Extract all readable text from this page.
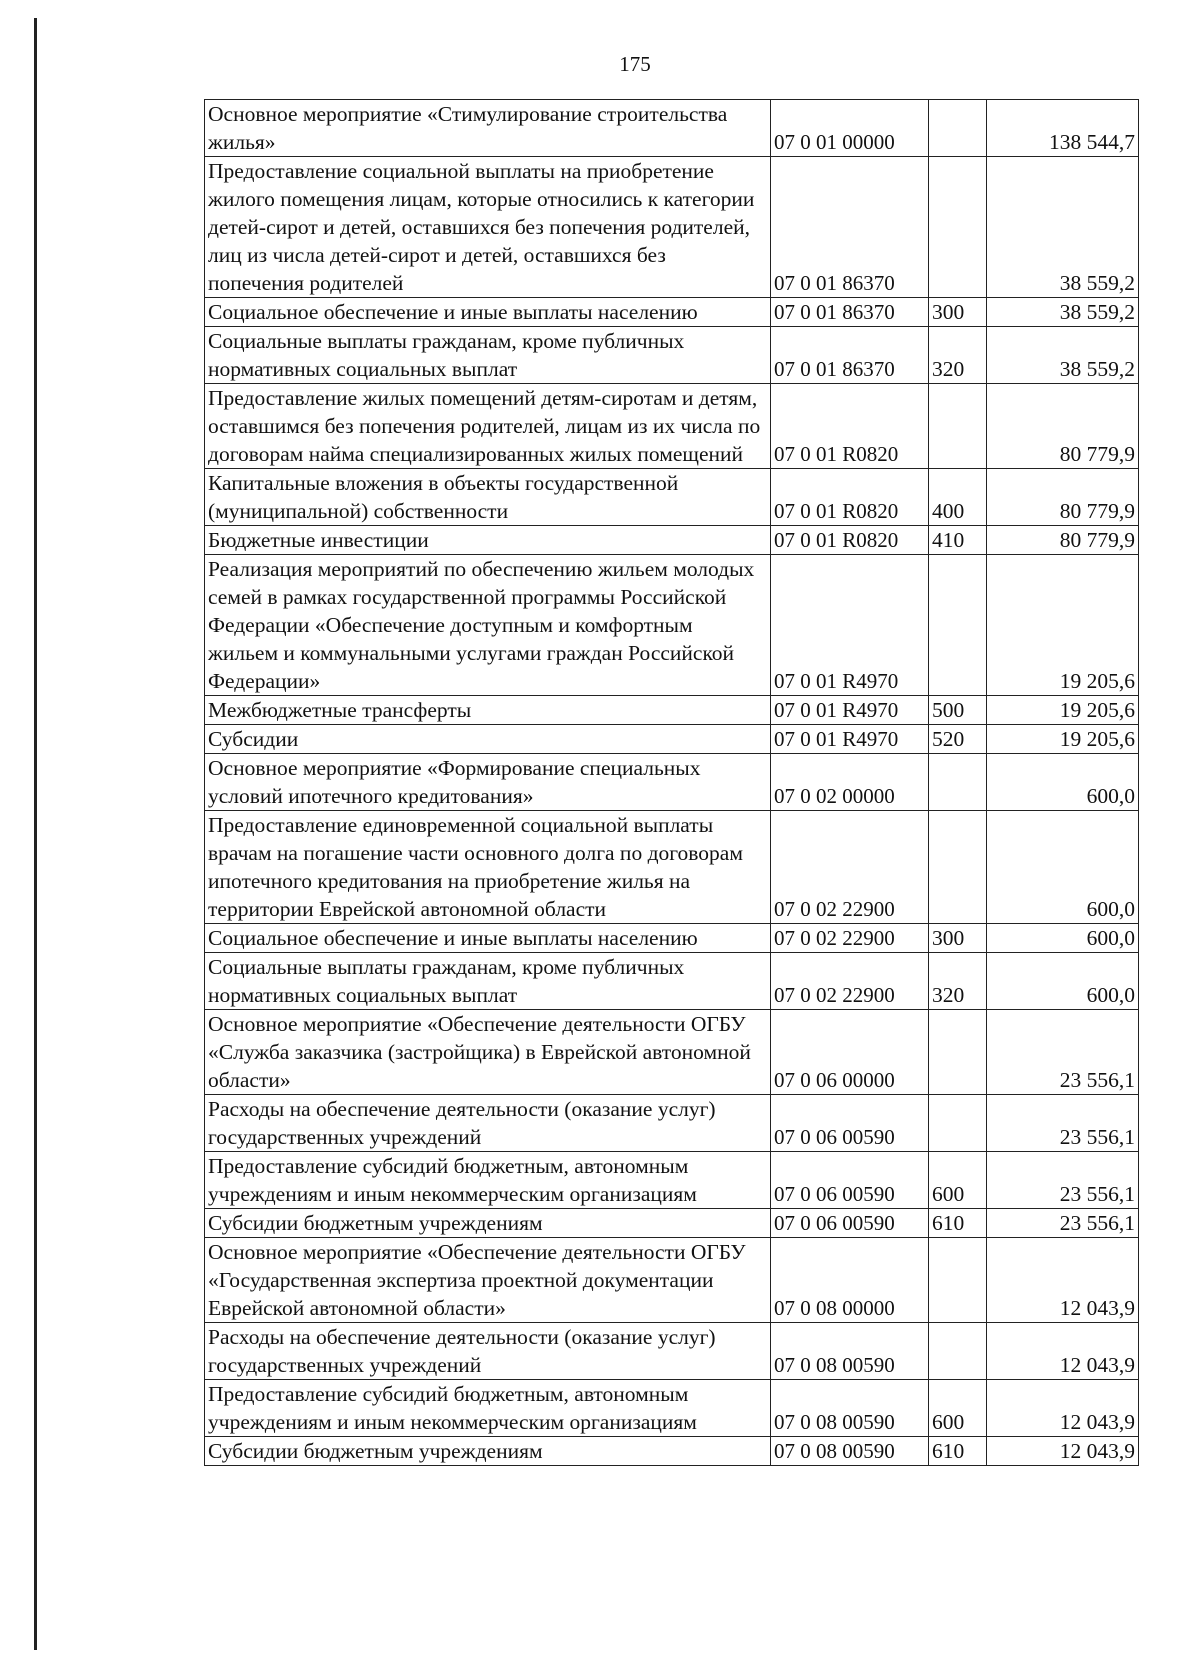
175
Основное мероприятие «Стимулирование строительства жилья»	07 0 01 00000		138 544,7
Предоставление социальной выплаты на приобретение жилого помещения лицам, которые относились к категории детей-сирот и детей, оставшихся без попечения родителей, лиц из числа детей-сирот и детей, оставшихся без попечения родителей	07 0 01 86370		38 559,2
Социальное обеспечение и иные выплаты населению	07 0 01 86370	300	38 559,2
Социальные выплаты гражданам, кроме публичных нормативных социальных выплат	07 0 01 86370	320	38 559,2
Предоставление жилых помещений детям-сиротам и детям, оставшимся без попечения родителей, лицам из их числа по договорам найма специализированных жилых помещений	07 0 01 R0820		80 779,9
Капитальные вложения в объекты государственной (муниципальной) собственности	07 0 01 R0820	400	80 779,9
Бюджетные инвестиции	07 0 01 R0820	410	80 779,9
Реализация мероприятий по обеспечению жильем молодых семей в рамках государственной программы Российской Федерации «Обеспечение доступным и комфортным жильем и коммунальными услугами граждан Российской Федерации»	07 0 01 R4970		19 205,6
Межбюджетные трансферты	07 0 01 R4970	500	19 205,6
Субсидии	07 0 01 R4970	520	19 205,6
Основное мероприятие «Формирование специальных условий ипотечного кредитования»	07 0 02 00000		600,0
Предоставление единовременной социальной выплаты врачам на погашение части основного долга по договорам ипотечного кредитования на приобретение жилья на территории Еврейской автономной области	07 0 02 22900		600,0
Социальное обеспечение и иные выплаты населению	07 0 02 22900	300	600,0
Социальные выплаты гражданам, кроме публичных нормативных социальных выплат	07 0 02 22900	320	600,0
Основное мероприятие «Обеспечение деятельности ОГБУ «Служба заказчика (застройщика) в Еврейской автономной области»	07 0 06 00000		23 556,1
Расходы на обеспечение деятельности (оказание услуг) государственных учреждений	07 0 06 00590		23 556,1
Предоставление субсидий бюджетным, автономным учреждениям и иным некоммерческим организациям	07 0 06 00590	600	23 556,1
Субсидии бюджетным учреждениям	07 0 06 00590	610	23 556,1
Основное мероприятие «Обеспечение деятельности ОГБУ «Государственная экспертиза проектной документации Еврейской автономной области»	07 0 08 00000		12 043,9
Расходы на обеспечение деятельности (оказание услуг) государственных учреждений	07 0 08 00590		12 043,9
Предоставление субсидий бюджетным, автономным учреждениям и иным некоммерческим организациям	07 0 08 00590	600	12 043,9
Субсидии бюджетным учреждениям	07 0 08 00590	610	12 043,9
